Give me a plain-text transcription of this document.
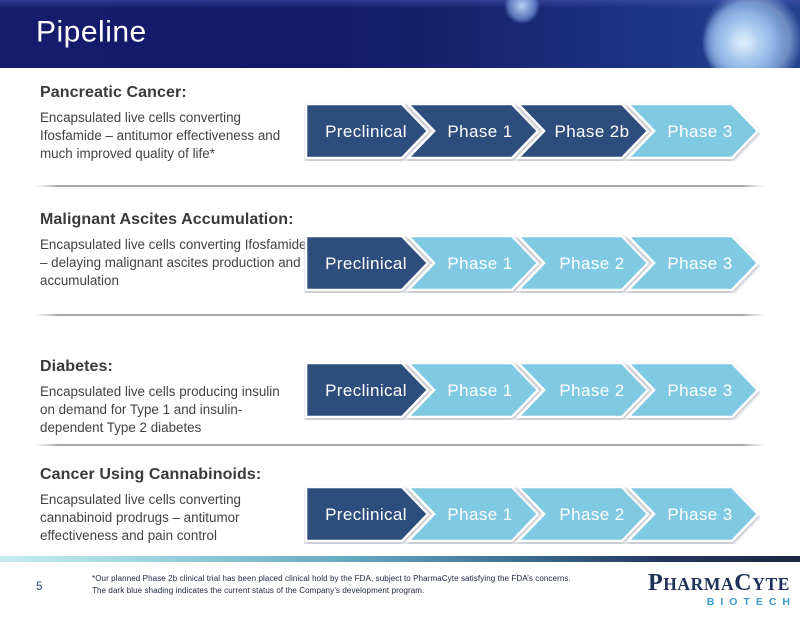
Pipeline
Pancreatic Cancer:

Encapsulated live cells converting Ifosfamide – antitumor effectiveness and much improved quality of life*

Preclinical Phase 1 Phase 2b Phase 3
Malignant Ascites Accumulation:

Encapsulated live cells converting Ifosfamide – delaying malignant ascites production and accumulation

Preclinical Phase 1	Phase 2	Phase 3
Diabetes:

Encapsulated live cells producing insulin on demand for Type 1 and insulin-dependent Type 2 diabetes

Preclinical Phase 1	Phase 2	Phase 3
Cancer Using Cannabinoids:

Encapsulated live cells converting cannabinoid prodrugs – antitumor effectiveness and pain control

Preclinical Phase 1	Phase 2	Phase 3
5
*Our planned Phase 2b clinical trial has been placed clinical hold by the FDA, subject to PharmaCyte satisfying the FDA’s concerns. The dark blue shading indicates the current status of the Company’s development program.	PHARMACYTE
BIOTECH
